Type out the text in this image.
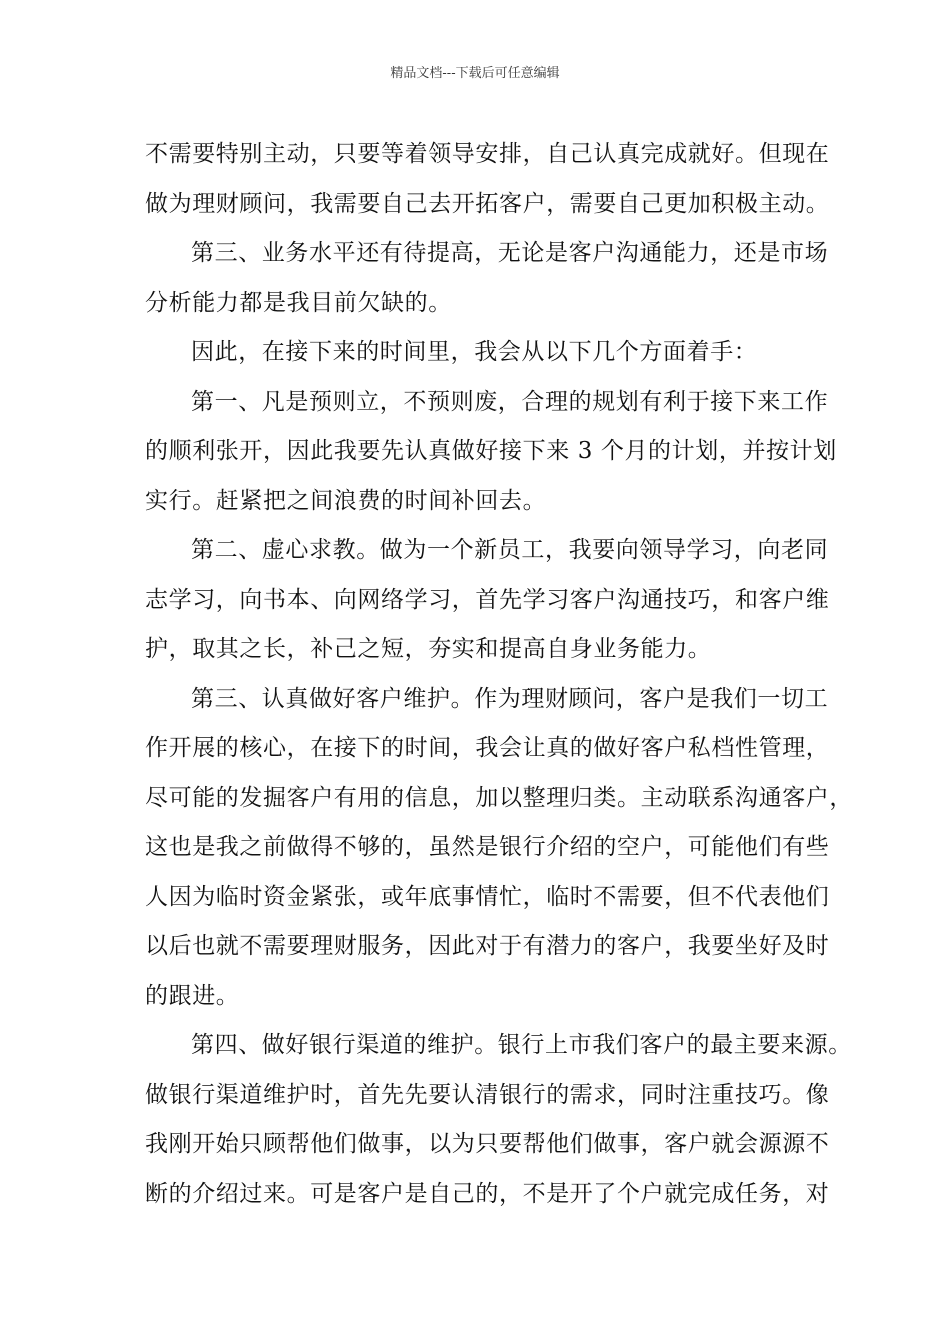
精品文档---下载后可任意编辑
不需要特别主动，只要等着领导安排，自己认真完成就好。但现在
做为理财顾问，我需要自己去开拓客户，需要自己更加积极主动。
第三、业务水平还有待提高，无论是客户沟通能力，还是市场
分析能力都是我目前欠缺的。
因此，在接下来的时间里，我会从以下几个方面着手：
第一、凡是预则立，不预则废，合理的规划有利于接下来工作
的顺利张开，因此我要先认真做好接下来 3 个月的计划，并按计划
实行。赶紧把之间浪费的时间补回去。
第二、虚心求教。做为一个新员工，我要向领导学习，向老同
志学习，向书本、向网络学习，首先学习客户沟通技巧，和客户维
护，取其之长，补己之短，夯实和提高自身业务能力。
第三、认真做好客户维护。作为理财顾问，客户是我们一切工
作开展的核心，在接下的时间，我会让真的做好客户私档性管理，
尽可能的发掘客户有用的信息，加以整理归类。主动联系沟通客户，
这也是我之前做得不够的，虽然是银行介绍的空户，可能他们有些
人因为临时资金紧张，或年底事情忙，临时不需要，但不代表他们
以后也就不需要理财服务，因此对于有潜力的客户，我要坐好及时
的跟进。
第四、做好银行渠道的维护。银行上市我们客户的最主要来源。
做银行渠道维护时，首先先要认清银行的需求，同时注重技巧。像
我刚开始只顾帮他们做事，以为只要帮他们做事，客户就会源源不
断的介绍过来。可是客户是自己的，不是开了个户就完成任务，对
